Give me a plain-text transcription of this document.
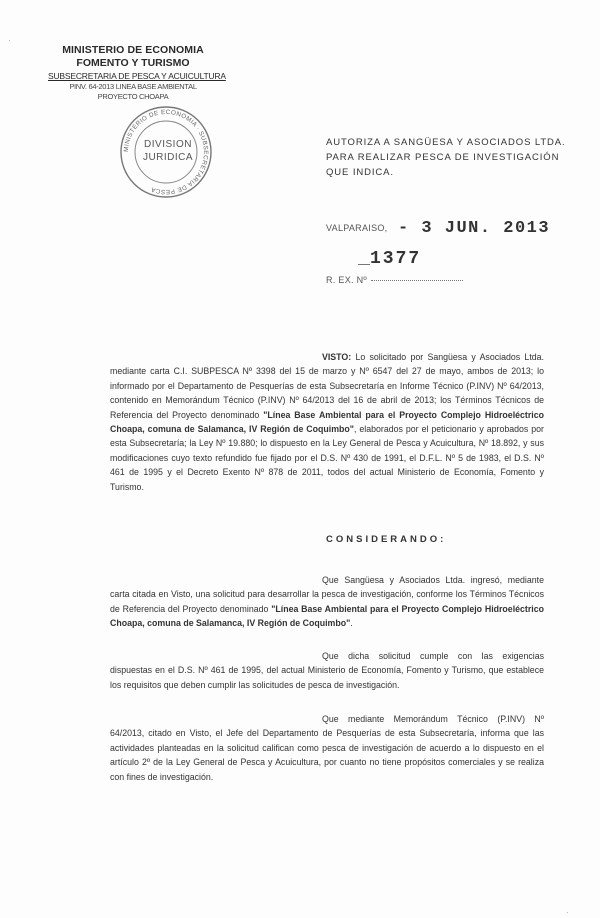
·
·
MINISTERIO DE ECONOMIA
FOMENTO Y TURISMO
SUBSECRETARIA DE PESCA Y ACUICULTURA
PINV. 64-2013 LINEA BASE AMBIENTAL
PROYECTO CHOAPA
MINISTERIO DE ECONOMIA · SUBSECRETARIA DE PESCA
DIVISION JURIDICA
AUTORIZA A SANGÜESA Y ASOCIADOS LTDA. PARA REALIZAR PESCA DE INVESTIGACIÓN QUE INDICA.
VALPARAISO, - 3 JUN. 2013
1377
R. EX. Nº
VISTO: Lo solicitado por Sangüesa y Asociados Ltda. mediante carta C.I. SUBPESCA Nº 3398 del 15 de marzo y Nº 6547 del 27 de mayo, ambos de 2013; lo informado por el Departamento de Pesquerías de esta Subsecretaría en Informe Técnico (P.INV) Nº 64/2013, contenido en Memorándum Técnico (P.INV) Nº 64/2013 del 16 de abril de 2013; los Términos Técnicos de Referencia del Proyecto denominado "Línea Base Ambiental para el Proyecto Complejo Hidroeléctrico Choapa, comuna de Salamanca, IV Región de Coquimbo", elaborados por el peticionario y aprobados por esta Subsecretaría; la Ley Nº 19.880; lo dispuesto en la Ley General de Pesca y Acuicultura, Nº 18.892, y sus modificaciones cuyo texto refundido fue fijado por el D.S. Nº 430 de 1991, el D.F.L. Nº 5 de 1983, el D.S. Nº 461 de 1995 y el Decreto Exento Nº 878 de 2011, todos del actual Ministerio de Economía, Fomento y Turismo.
CONSIDERANDO:
Que Sangüesa y Asociados Ltda. ingresó, mediante carta citada en Visto, una solicitud para desarrollar la pesca de investigación, conforme los Términos Técnicos de Referencia del Proyecto denominado "Línea Base Ambiental para el Proyecto Complejo Hidroeléctrico Choapa, comuna de Salamanca, IV Región de Coquimbo".
Que dicha solicitud cumple con las exigencias dispuestas en el D.S. Nº 461 de 1995, del actual Ministerio de Economía, Fomento y Turismo, que establece los requisitos que deben cumplir las solicitudes de pesca de investigación.
Que mediante Memorándum Técnico (P.INV) Nº 64/2013, citado en Visto, el Jefe del Departamento de Pesquerías de esta Subsecretaría, informa que las actividades planteadas en la solicitud califican como pesca de investigación de acuerdo a lo dispuesto en el artículo 2º de la Ley General de Pesca y Acuicultura, por cuanto no tiene propósitos comerciales y se realiza con fines de investigación.
